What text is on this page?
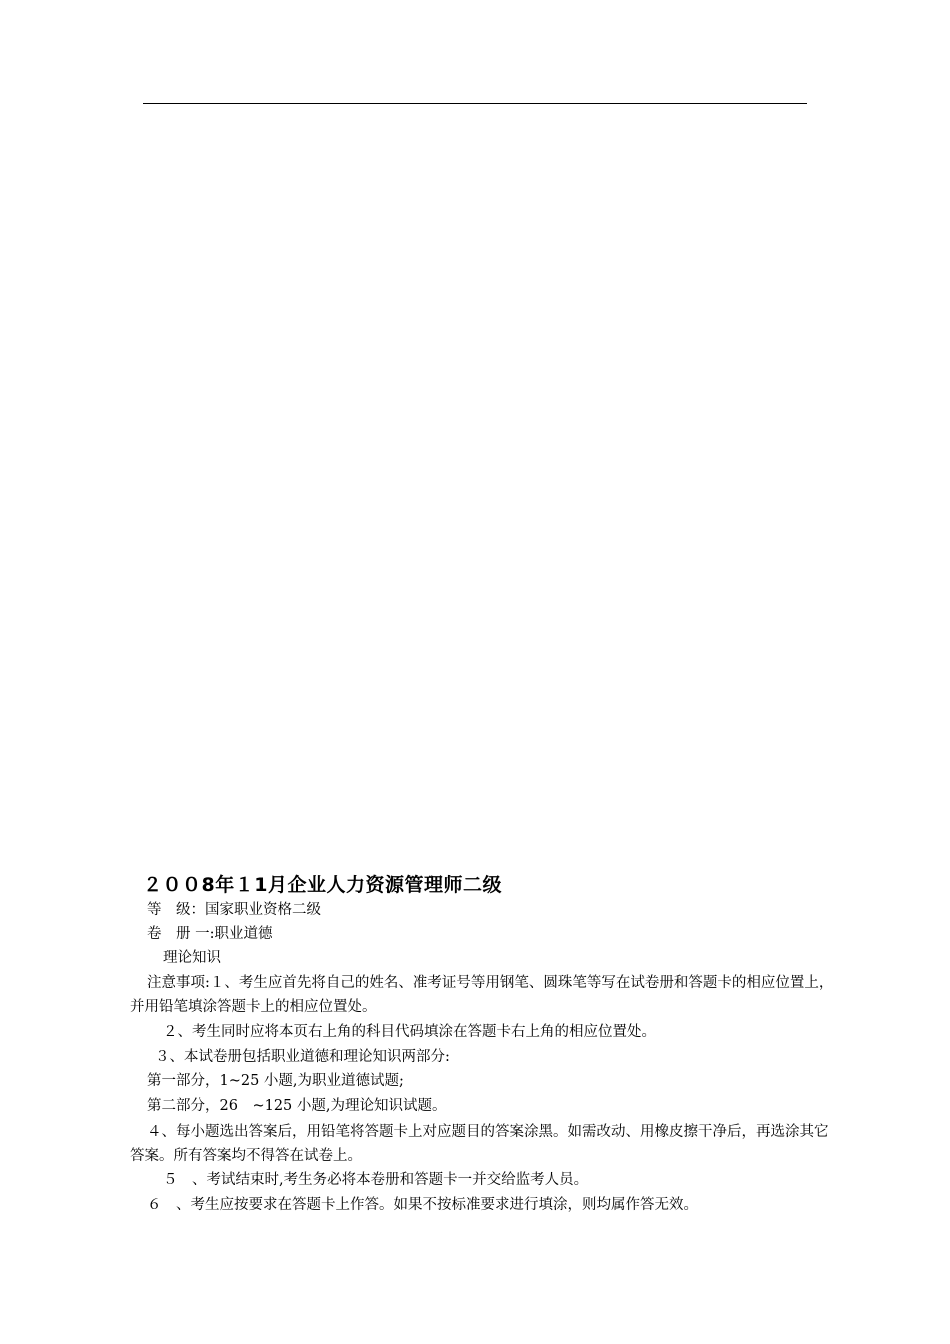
２００8年１1月企业人力资源管理师二级
等　级：国家职业资格二级
卷　册 一:职业道德
理论知识
注意事项:１、考生应首先将自己的姓名、准考证号等用钢笔、圆珠笔等写在试卷册和答题卡的相应位置上，并用铅笔填涂答题卡上的相应位置处。
２、考生同时应将本页右上角的科目代码填涂在答题卡右上角的相应位置处。
３、本试卷册包括职业道德和理论知识两部分:
第一部分，1~25 小题,为职业道德试题;
第二部分，26　~125 小题,为理论知识试题。
４、每小题选出答案后，用铅笔将答题卡上对应题目的答案涂黑。如需改动、用橡皮擦干净后，再选涂其它答案。所有答案均不得答在试卷上。
５　、考试结束时,考生务必将本卷册和答题卡一并交给监考人员。
６　、考生应按要求在答题卡上作答。如果不按标准要求进行填涂，则均属作答无效。
